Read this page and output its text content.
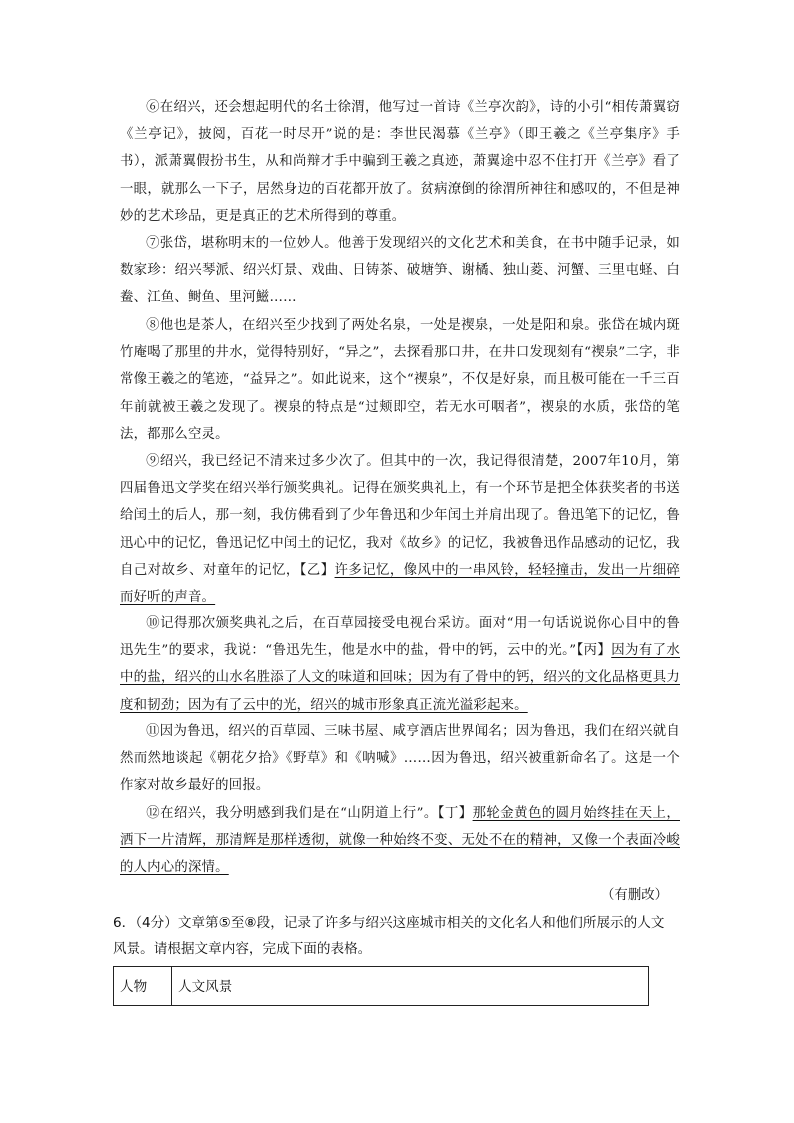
⑥在绍兴，还会想起明代的名士徐渭，他写过一首诗《兰亭次韵》，诗的小引“相传萧翼窃《兰亭记》，披阅，百花一时尽开”说的是：李世民渴慕《兰亭》（即王羲之《兰亭集序》手书），派萧翼假扮书生，从和尚辩才手中骗到王羲之真迹，萧翼途中忍不住打开《兰亭》看了一眼，就那么一下子，居然身边的百花都开放了。贫病潦倒的徐渭所神往和感叹的，不但是神妙的艺术珍品，更是真正的艺术所得到的尊重。

⑦张岱，堪称明末的一位妙人。他善于发现绍兴的文化艺术和美食，在书中随手记录，如数家珍：绍兴琴派、绍兴灯景、戏曲、日铸茶、破塘笋、谢橘、独山菱、河蟹、三里屯蛏、白鲞、江鱼、鲥鱼、里河鰦……

⑧他也是茶人，在绍兴至少找到了两处名泉，一处是禊泉，一处是阳和泉。张岱在城内斑竹庵喝了那里的井水，觉得特别好，“异之”，去探看那口井，在井口发现刻有“禊泉”二字，非常像王羲之的笔迹，“益异之”。如此说来，这个“禊泉”，不仅是好泉，而且极可能在一千三百年前就被王羲之发现了。禊泉的特点是“过颊即空，若无水可咽者”，禊泉的水质，张岱的笔法，都那么空灵。

⑨绍兴，我已经记不清来过多少次了。但其中的一次，我记得很清楚，2007年10月，第四届鲁迅文学奖在绍兴举行颁奖典礼。记得在颁奖典礼上，有一个环节是把全体获奖者的书送给闰土的后人，那一刻，我仿佛看到了少年鲁迅和少年闰土并肩出现了。鲁迅笔下的记忆，鲁迅心中的记忆，鲁迅记忆中闰土的记忆，我对《故乡》的记忆，我被鲁迅作品感动的记忆，我自己对故乡、对童年的记忆，【乙】许多记忆，像风中的一串风铃，轻轻撞击，发出一片细碎而好听的声音。

⑩记得那次颁奖典礼之后，在百草园接受电视台采访。面对“用一句话说说你心目中的鲁迅先生”的要求，我说：“鲁迅先生，他是水中的盐，骨中的钙，云中的光。”【丙】因为有了水中的盐，绍兴的山水名胜添了人文的味道和回味；因为有了骨中的钙，绍兴的文化品格更具力度和韧劲；因为有了云中的光，绍兴的城市形象真正流光溢彩起来。

⑪因为鲁迅，绍兴的百草园、三味书屋、咸亨酒店世界闻名；因为鲁迅，我们在绍兴就自然而然地谈起《朝花夕拾》《野草》和《呐喊》……因为鲁迅，绍兴被重新命名了。这是一个作家对故乡最好的回报。

⑫在绍兴，我分明感到我们是在“山阴道上行”。【丁】那轮金黄色的圆月始终挂在天上，洒下一片清辉，那清辉是那样透彻，就像一种始终不变、无处不在的精神，又像一个表面冷峻的人内心的深情。

（有删改）

6．（4分）文章第⑤至⑧段，记录了许多与绍兴这座城市相关的文化名人和他们所展示的人文风景。请根据文章内容，完成下面的表格。

人物	人文风景
